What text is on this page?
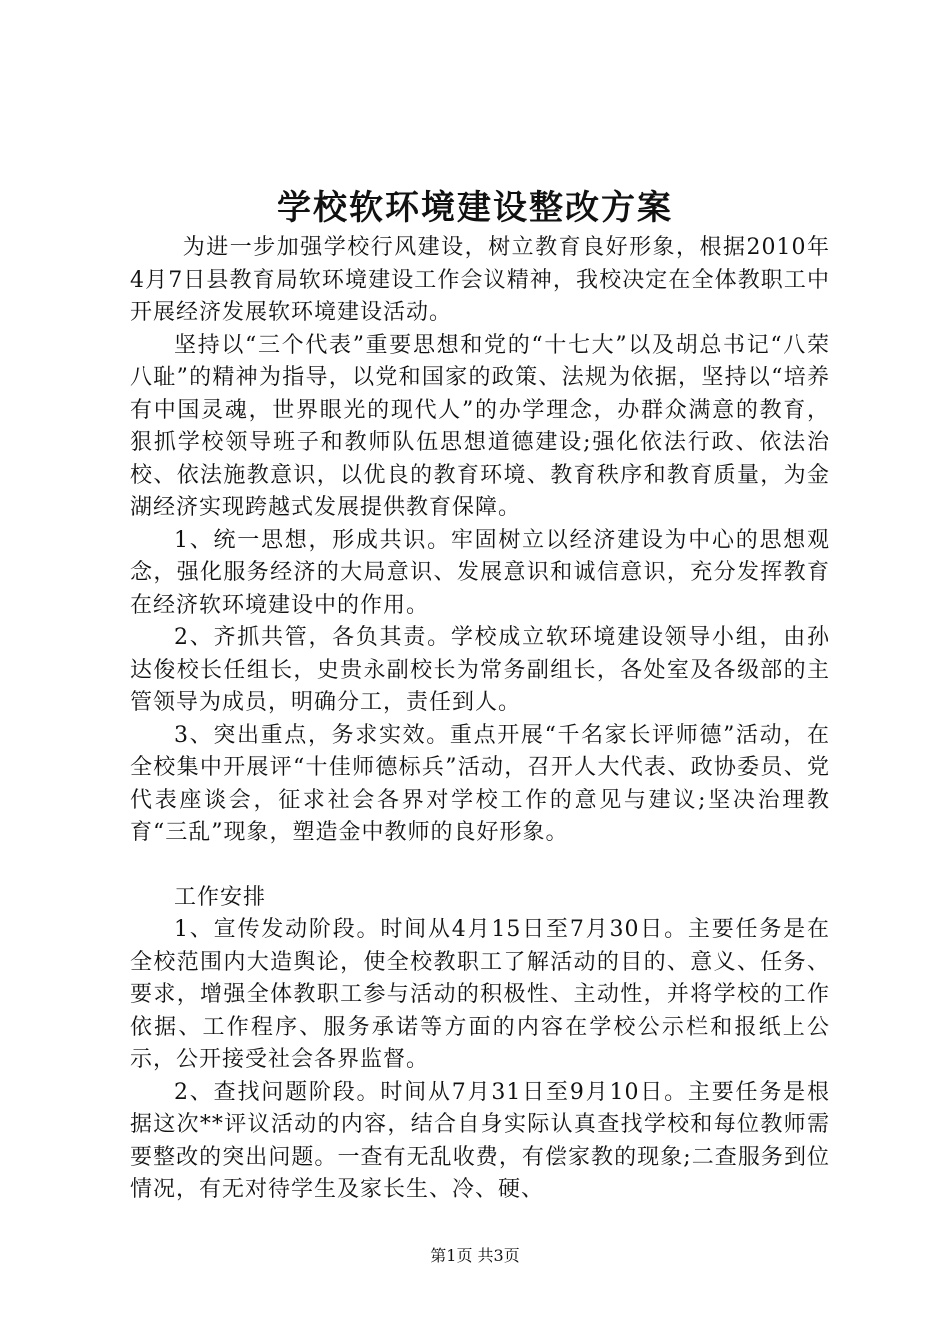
学校软环境建设整改方案

为进一步加强学校行风建设，树立教育良好形象，根据2010年4月7日县教育局软环境建设工作会议精神，我校决定在全体教职工中开展经济发展软环境建设活动。

坚持以“三个代表”重要思想和党的“十七大”以及胡总书记“八荣八耻”的精神为指导，以党和国家的政策、法规为依据，坚持以“培养有中国灵魂，世界眼光的现代人”的办学理念，办群众满意的教育，狠抓学校领导班子和教师队伍思想道德建设;强化依法行政、依法治校、依法施教意识，以优良的教育环境、教育秩序和教育质量，为金湖经济实现跨越式发展提供教育保障。

1、统一思想，形成共识。牢固树立以经济建设为中心的思想观念，强化服务经济的大局意识、发展意识和诚信意识，充分发挥教育在经济软环境建设中的作用。

2、齐抓共管，各负其责。学校成立软环境建设领导小组，由孙达俊校长任组长，史贵永副校长为常务副组长，各处室及各级部的主管领导为成员，明确分工，责任到人。

3、突出重点，务求实效。重点开展“千名家长评师德”活动，在全校集中开展评“十佳师德标兵”活动，召开人大代表、政协委员、党代表座谈会，征求社会各界对学校工作的意见与建议;坚决治理教育“三乱”现象，塑造金中教师的良好形象。

工作安排

1、宣传发动阶段。时间从4月15日至7月30日。主要任务是在全校范围内大造舆论，使全校教职工了解活动的目的、意义、任务、要求，增强全体教职工参与活动的积极性、主动性，并将学校的工作依据、工作程序、服务承诺等方面的内容在学校公示栏和报纸上公示，公开接受社会各界监督。

2、查找问题阶段。时间从7月31日至9月10日。主要任务是根据这次**评议活动的内容，结合自身实际认真查找学校和每位教师需要整改的突出问题。一查有无乱收费，有偿家教的现象;二查服务到位情况，有无对待学生及家长生、冷、硬、

第1页 共3页
